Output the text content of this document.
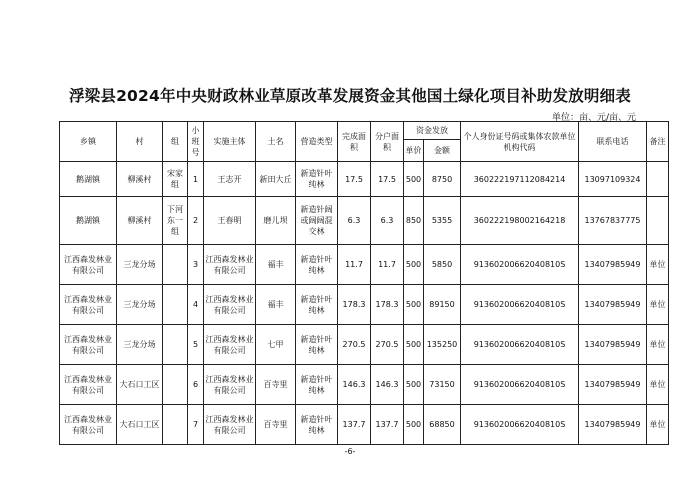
浮梁县2024年中央财政林业草原改革发展资金其他国土绿化项目补助发放明细表
单位：亩、元/亩、元
乡镇	村	组	小班号	实施主体	土名	营造类型	完成面积	分户面积	资金发放		个人身份证号码或集体农款单位机构代码	联系电话	备注
									单价	金额			
鹅湖镇	柳溪村	宋家组	1	王志开	新田大丘	新造针叶纯林	17.5	17.5	500	8750	360222197112084214	13097109324	
鹅湖镇	柳溪村	下河东一组	2	王春明	磨儿坝	新造针阔或阔阔混交林	6.3	6.3	850	5355	360222198002164218	13767837775	
江西森发林业有限公司	三龙分场		3	江西森发林业有限公司	福丰	新造针叶纯林	11.7	11.7	500	5850	91360200662040810S	13407985949	单位
江西森发林业有限公司	三龙分场		4	江西森发林业有限公司	福丰	新造针叶纯林	178.3	178.3	500	89150	91360200662040810S	13407985949	单位
江西森发林业有限公司	三龙分场		5	江西森发林业有限公司	七甲	新造针叶纯林	270.5	270.5	500	135250	91360200662040810S	13407985949	单位
江西森发林业有限公司	大石口工区		6	江西森发林业有限公司	百寺里	新造针叶纯林	146.3	146.3	500	73150	91360200662040810S	13407985949	单位
江西森发林业有限公司	大石口工区		7	江西森发林业有限公司	百寺里	新造针叶纯林	137.7	137.7	500	68850	91360200662040810S	13407985949	单位
-6-
